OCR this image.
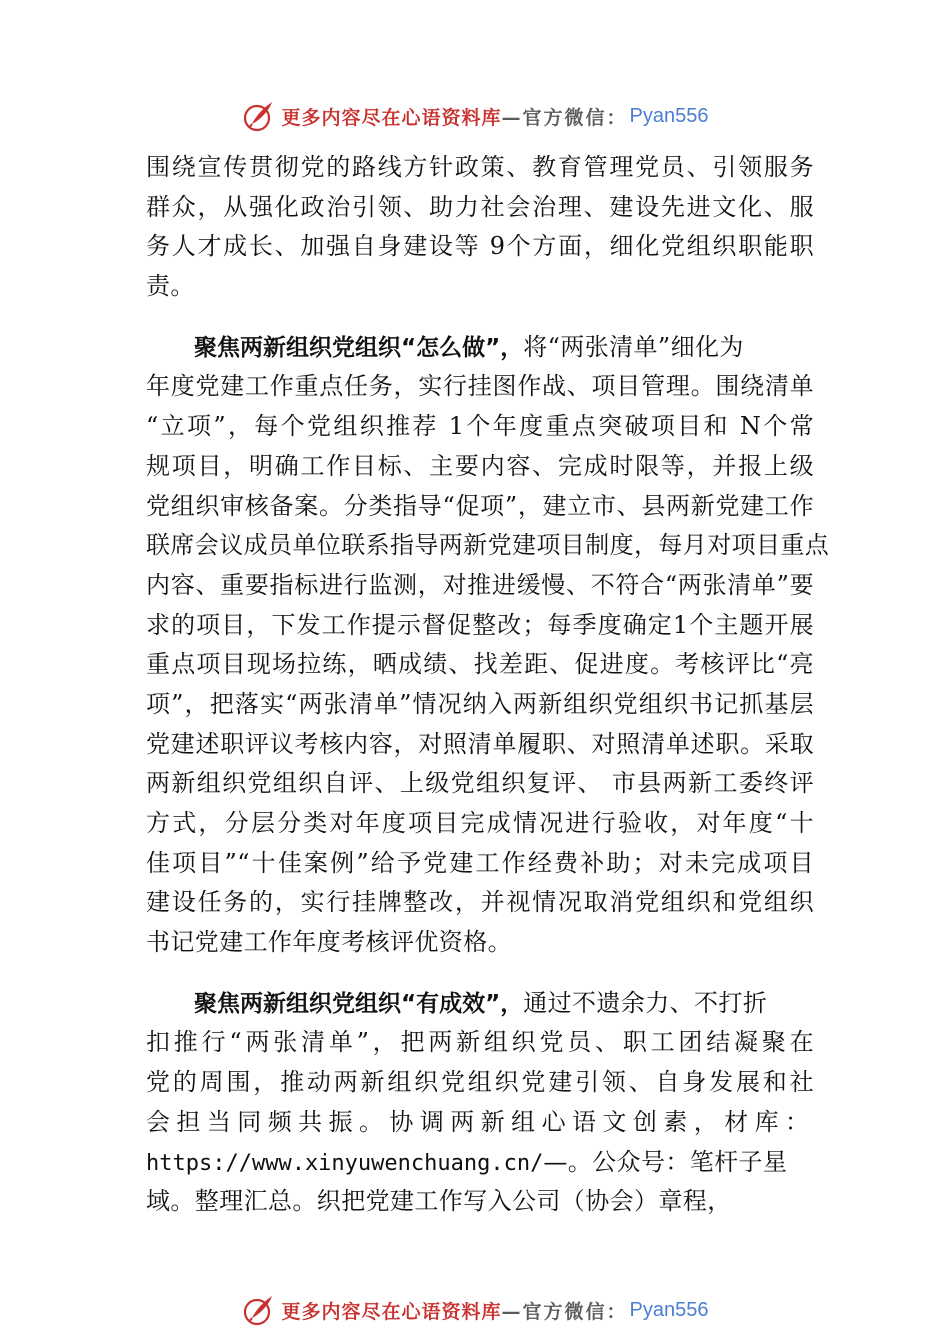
更多内容尽在心语资料库 —官方微信： Pyan556
围绕宣传贯彻党的路线方针政策、教育管理党员、引领服务
群众，从强化政治引领、助力社会治理、建设先进文化、服
务人才成长、加强自身建设等 9个方面，细化党组织职能职
责。
聚焦两新组织党组织“怎么做”，将“两张清单”细化为
年度党建工作重点任务，实行挂图作战、项目管理。围绕清单
“立项”，每个党组织推荐 1个年度重点突破项目和 N个常
规项目，明确工作目标、主要内容、完成时限等，并报上级
党组织审核备案。分类指导“促项”，建立市、县两新党建工作
联席会议成员单位联系指导两新党建项目制度，每月对项目重点
内容、重要指标进行监测，对推进缓慢、不符合“两张清单”要
求的项目，下发工作提示督促整改；每季度确定1个主题开展
重点项目现场拉练，晒成绩、找差距、促进度。考核评比“亮
项”，把落实“两张清单”情况纳入两新组织党组织书记抓基层
党建述职评议考核内容，对照清单履职、对照清单述职。采取
两新组织党组织自评、上级党组织复评、 市县两新工委终评
方式，分层分类对年度项目完成情况进行验收，对年度“十
佳项目”“十佳案例”给予党建工作经费补助；对未完成项目
建设任务的，实行挂牌整改，并视情况取消党组织和党组织
书记党建工作年度考核评优资格。
聚焦两新组织党组织“有成效”，通过不遗余力、不打折
扣推行“两张清单”，把两新组织党员、职工团结凝聚在
党的周围，推动两新组织党组织党建引领、自身发展和社
会担当同频共振。协调两新组心语文创素，材库：
https://www.xinyuwenchuang.cn/—。公众号：笔杆子星
域。整理汇总。织把党建工作写入公司（协会）章程，
更多内容尽在心语资料库 —官方微信： Pyan556
